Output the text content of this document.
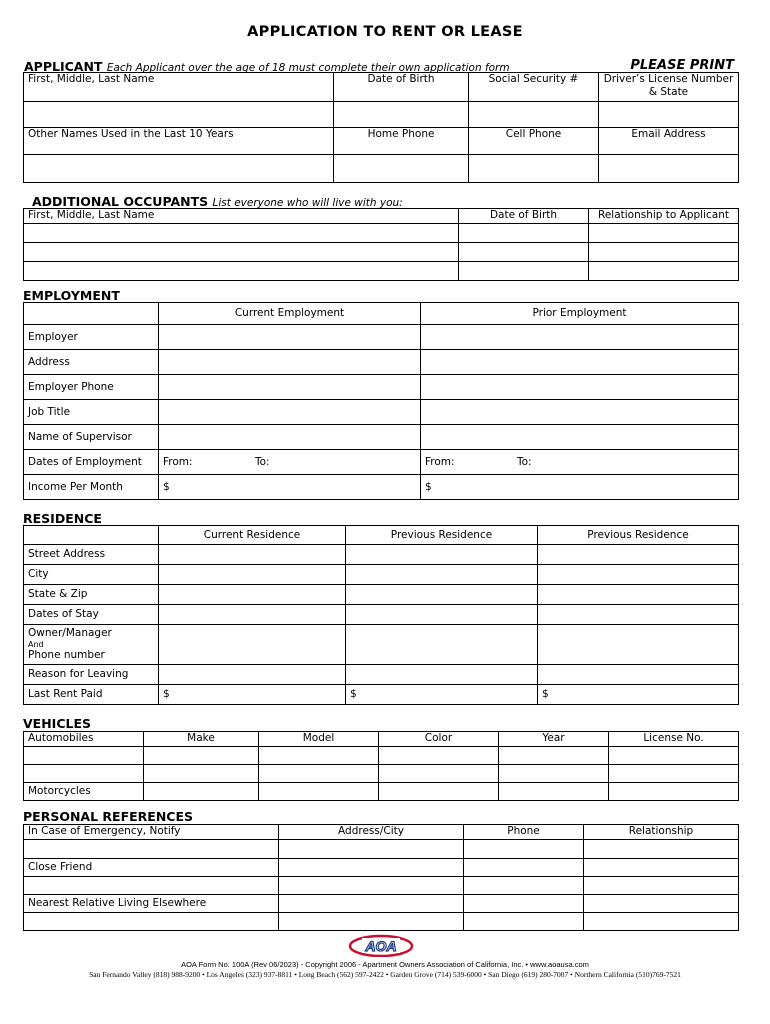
APPLICATION TO RENT OR LEASE
APPLICANT Each Applicant over the age of 18 must complete their own application form	PLEASE PRINT
First, Middle, Last Name	Date of Birth	Social Security #	Driver’s License Number
& State

Other Names Used in the Last 10 Years	Home Phone	Cell Phone	Email Address

ADDITIONAL OCCUPANTS List everyone who will live with you:
First, Middle, Last Name	Date of Birth	Relationship to Applicant

EMPLOYMENT
	Current Employment	Prior Employment
Employer		
Address		
Employer Phone		
Job Title		
Name of Supervisor		
Dates of Employment	From: To:	From: To:
Income Per Month	$	$
RESIDENCE
	Current Residence	Previous Residence	Previous Residence
Street Address			
City			
State & Zip			
Dates of Stay			

Owner/Manager
And
Phone number			

Reason for Leaving			
Last Rent Paid	$	$	$
VEHICLES
Automobiles	Make	Model	Color	Year	License No.

Motorcycles					
PERSONAL REFERENCES
In Case of Emergency, Notify	Address/City	Phone	Relationship

Close Friend			

Nearest Relative Living Elsewhere			

AOA
AOA Form No. 100A (Rev 06/2023) - Copyright 2006 - Apartment Owners Association of California, Inc. • www.aoausa.com
San Fernando Valley (818) 988-9200 • Los Angeles (323) 937-8811 • Long Beach (562) 597-2422 • Garden Grove (714) 539-6000 • San Diego (619) 280-7007 • Northern California (510)769-7521
